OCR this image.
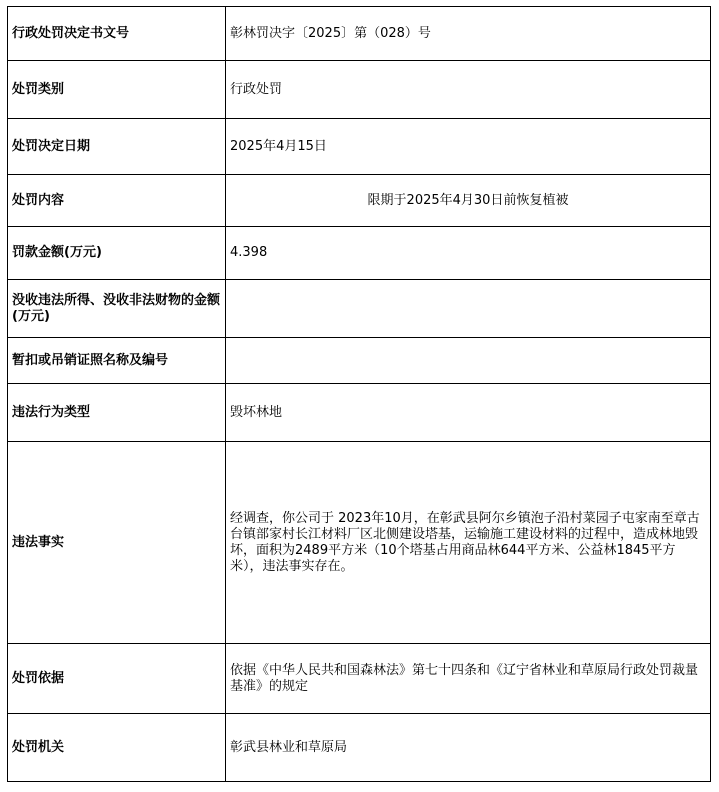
行政处罚决定书文号	彰林罚决字〔2025〕第（028）号
处罚类别	行政处罚
处罚决定日期	2025年4月15日
处罚内容	限期于2025年4月30日前恢复植被
罚款金额(万元)	4.398
没收违法所得、没收非法财物的金额(万元)	
暂扣或吊销证照名称及编号	
违法行为类型	毁坏林地
违法事实	经调查，你公司于 2023年10月，在彰武县阿尔乡镇泡子沿村菜园子屯家南至章古台镇部家村长江材料厂区北侧建设塔基，运输施工建设材料的过程中，造成林地毁坏，面积为2489平方米（10个塔基占用商品林644平方米、公益林1845平方米），违法事实存在。
处罚依据	依据《中华人民共和国森林法》第七十四条和《辽宁省林业和草原局行政处罚裁量基准》的规定
处罚机关	彰武县林业和草原局
